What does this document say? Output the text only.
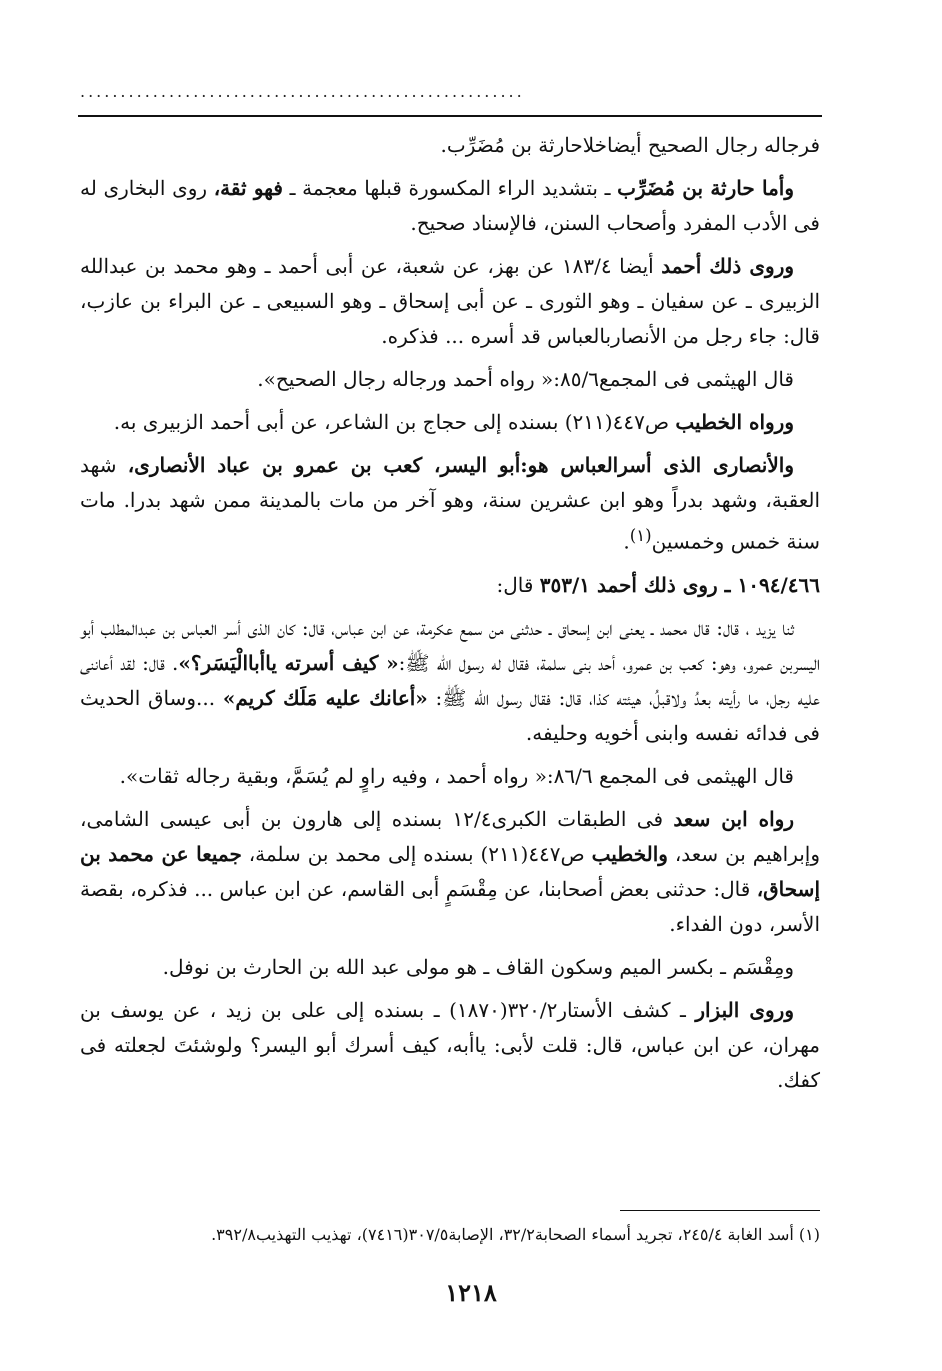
.......................................................

فرجاله رجال الصحيح أيضاخلاحارثة بن مُضَرِّب.

وأما حارثة بن مُضَرِّب ـ بتشديد الراء المكسورة قبلها معجمة ـ فهو ثقة، روى البخارى له فى الأدب المفرد وأصحاب السنن، فالإسناد صحيح.

وروى ذلك أحمد أيضا ١٨٣/٤ عن بهز، عن شعبة، عن أبى أحمد ـ وهو محمد بن عبدالله الزبيرى ـ عن سفيان ـ وهو الثورى ـ عن أبى إسحاق ـ وهو السبيعى ـ عن البراء بن عازب، قال: جاء رجل من الأنصاربالعباس قد أسره ... فذكره.

قال الهيثمى فى المجمع٨٥/٦:« رواه أحمد ورجاله رجال الصحيح».

ورواه الخطيب ص٤٤٧(٢١١) بسنده إلى حجاج بن الشاعر، عن أبى أحمد الزبيرى به.

والأنصارى الذى أسرالعباس هو:أبو اليسر، كعب بن عمرو بن عباد الأنصارى، شهد العقبة، وشهد بدراً وهو ابن عشرين سنة، وهو آخر من مات بالمدينة ممن شهد بدرا. مات سنة خمس وخمسين$^{(١)}$.

١٠٩٤/٤٦٦ ـ روى ذلك أحمد ٣٥٣/١ قال:

ثنا يزيد ، قال: قال محمد ـ يعنى ابن إسحاق ـ حدثنى من سمع عكرمة، عن ابن عباس، قال: كان الذى أسر العباس بن عبدالمطلب أبو اليسربن عمرو، وهو: كعب بن عمرو، أحد بنى سلمة، فقال له رسول الله ﷺ:« كيف أسرته ياأباالْيَسَر؟». قال: لقد أعاننى عليه رجل، ما رأيته بعدُ ولاقبلُ، هيئته كذا، قال: فقال رسول الله ﷺ: «أعانك عليه مَلَك كريم» ...وساق الحديث فى فدائه نفسه وابنى أخويه وحليفه.

قال الهيثمى فى المجمع ٨٦/٦:« رواه أحمد ، وفيه راوٍ لم يُسَمَّ، وبقية رجاله ثقات».

رواه ابن سعد فى الطبقات الكبرى١٢/٤ بسنده إلى هارون بن أبى عيسى الشامى، وإبراهيم بن سعد، والخطيب ص٤٤٧(٢١١) بسنده إلى محمد بن سلمة، جميعا عن محمد بن إسحاق، قال: حدثنى بعض أصحابنا، عن مِقْسَمٍ أبى القاسم، عن ابن عباس ... فذكره، بقصة الأسر، دون الفداء.

ومِقْسَم ـ بكسر الميم وسكون القاف ـ هو مولى عبد الله بن الحارث بن نوفل.

وروى البزار ـ كشف الأستار٣٢٠/٢(١٨٧٠) ـ بسنده إلى على بن زيد ، عن يوسف بن مهران، عن ابن عباس، قال: قلت لأبى: ياأبه، كيف أسرك أبو اليسر؟ ولوشئتَ لجعلته فى كفك.

(١) أسد الغابة ٢٤٥/٤، تجريد أسماء الصحابة٣٢/٢، الإصابة٣٠٧/٥(٧٤١٦)، تهذيب التهذيب٣٩٢/٨.
١٢١٨
